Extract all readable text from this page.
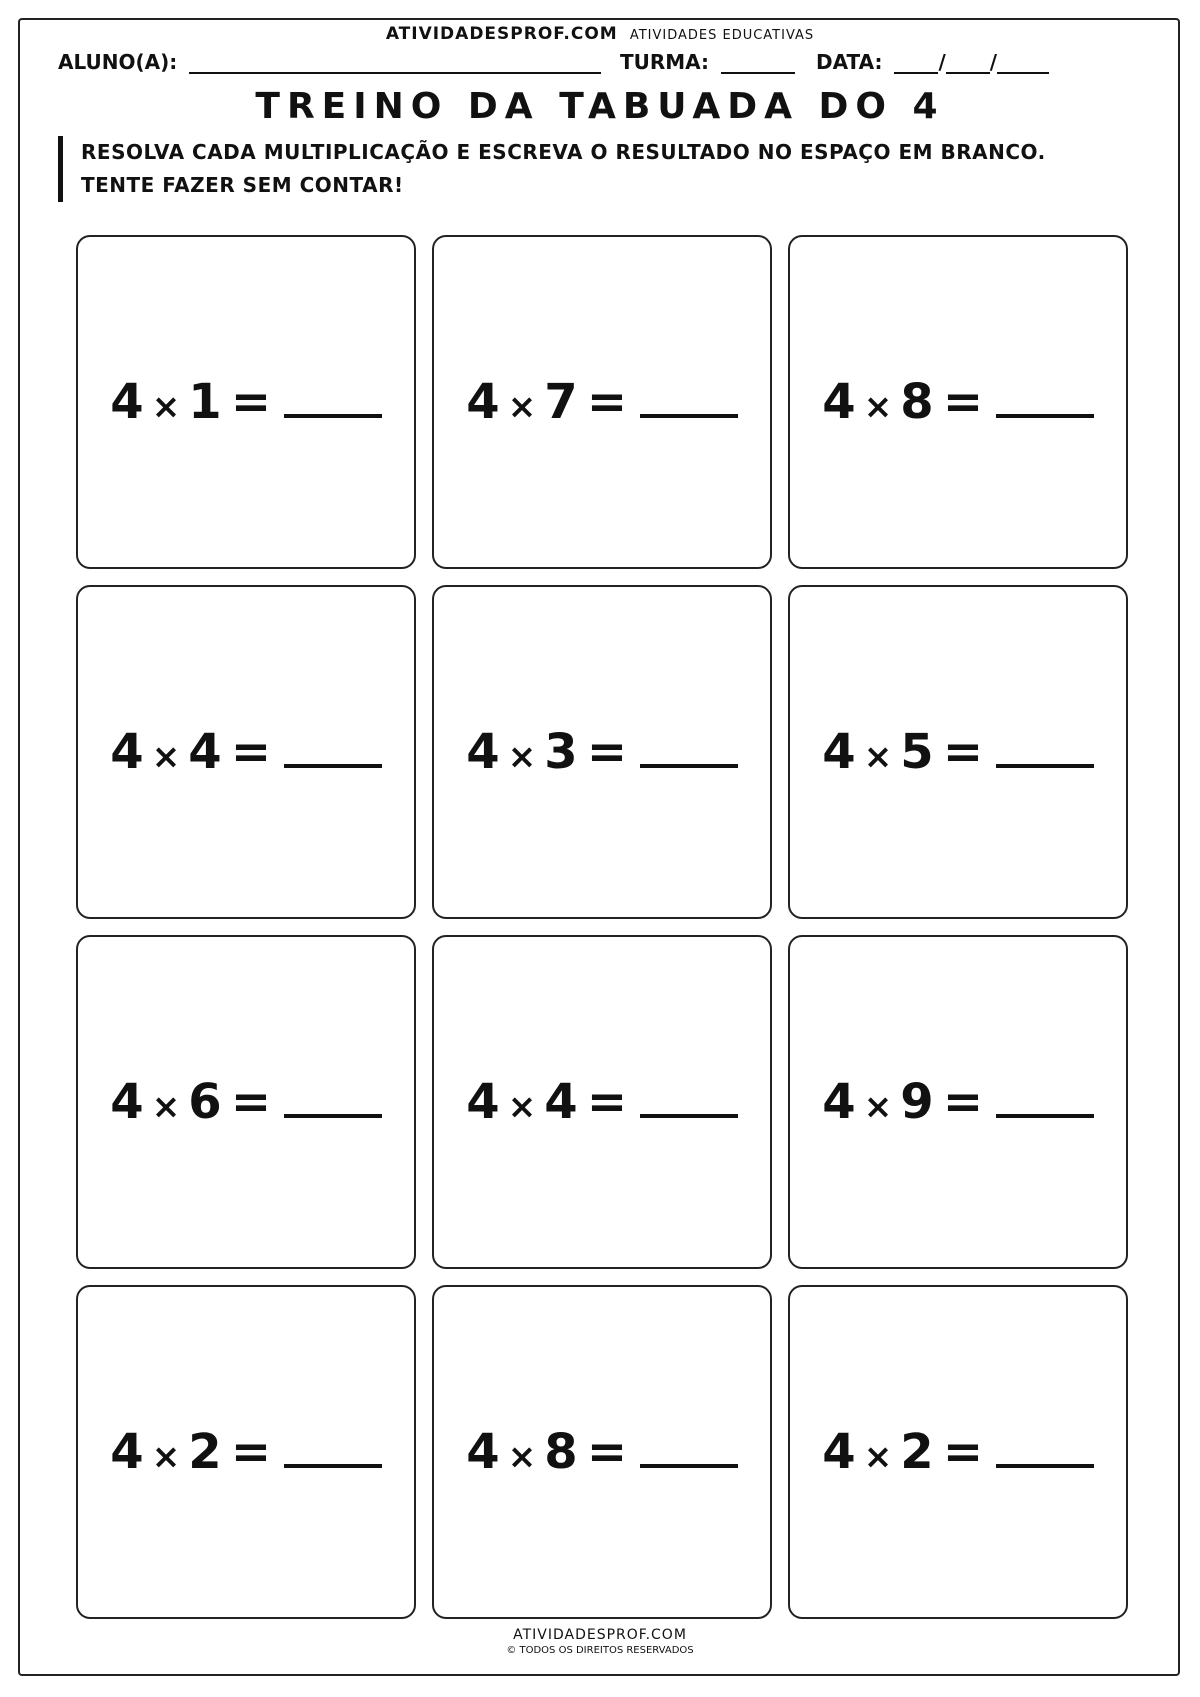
ATIVIDADESPROF.COM ATIVIDADES EDUCATIVAS
ALUNO(A):	TURMA:	DATA:	/ /
TREINO DA TABUADA DO 4
RESOLVA CADA MULTIPLICAÇÃO E ESCREVA O RESULTADO NO ESPAÇO EM BRANCO.
TENTE FAZER SEM CONTAR!
4 × 1 =	4 × 7 =	4 × 8 =
4 × 4 =	4 × 3 =	4 × 5 =
4 × 6 =	4 × 4 =	4 × 9 =
4 × 2 =	4 × 8 =	4 × 2 =
ATIVIDADESPROF.COM
© TODOS OS DIREITOS RESERVADOS
